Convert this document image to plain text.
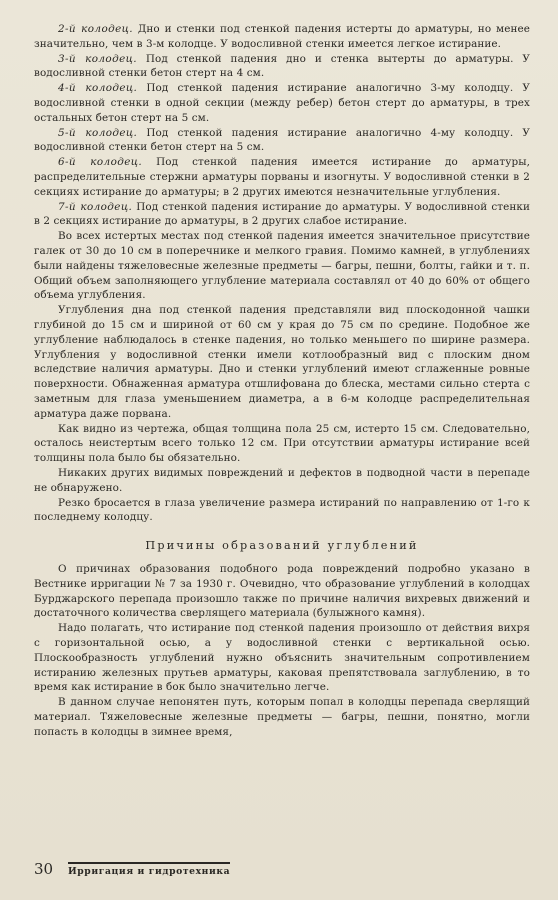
2-й колодец. Дно и стенки под стенкой падения истерты до арматуры, но менее значительно, чем в 3-м колодце. У водосливной стенки имеется легкое истирание.

3-й колодец. Под стенкой падения дно и стенка вытерты до арматуры. У водосливной стенки бетон стерт на 4 см.

4-й колодец. Под стенкой падения истирание аналогично 3-му колодцу. У водосливной стенки в одной секции (между ребер) бетон стерт до арматуры, в трех остальных бетон стерт на 5 см.

5-й колодец. Под стенкой падения истирание аналогично 4-му колодцу. У водосливной стенки бетон стерт на 5 см.

6-й колодец. Под стенкой падения имеется истирание до арматуры, распределительные стержни арматуры порваны и изогнуты. У водосливной стенки в 2 секциях истирание до арматуры; в 2 других имеются незначительные углубления.

7-й колодец. Под стенкой падения истирание до арматуры. У водосливной стенки в 2 секциях истирание до арматуры, в 2 других слабое истирание.

Во всех истертых местах под стенкой падения имеется значительное присутствие галек от 30 до 10 см в поперечнике и мелкого гравия. Помимо камней, в углублениях были найдены тяжеловесные железные предметы — багры, пешни, болты, гайки и т. п. Общий объем заполняющего углубление материала составлял от 40 до 60% от общего объема углубления.

Углубления дна под стенкой падения представляли вид плоскодонной чашки глубиной до 15 см и шириной от 60 см у края до 75 см по средине. Подобное же углубление наблюдалось в стенке падения, но только меньшего по ширине размера. Углубления у водосливной стенки имели котлообразный вид с плоским дном вследствие наличия арматуры. Дно и стенки углублений имеют сглаженные ровные поверхности. Обнаженная арматура отшлифована до блеска, местами сильно стерта с заметным для глаза уменьшением диаметра, а в 6-м колодце распределительная арматура даже порвана.

Как видно из чертежа, общая толщина пола 25 см, истерто 15 см. Следовательно, осталось неистертым всего только 12 см. При отсутствии арматуры истирание всей толщины пола было бы обязательно.

Никаких других видимых повреждений и дефектов в подводной части в перепаде не обнаружено.

Резко бросается в глаза увеличение размера истираний по направлению от 1-го к последнему колодцу.

Причины образований углублений

О причинах образования подобного рода повреждений подробно указано в Вестнике ирригации № 7 за 1930 г. Очевидно, что образование углублений в колодцах Бурджарского перепада произошло также по причине наличия вихревых движений и достаточного количества сверлящего материала (булыжного камня).

Надо полагать, что истирание под стенкой падения произошло от действия вихря с горизонтальной осью, а у водосливной стенки с вертикальной осью. Плоскообразность углублений нужно объяснить значительным сопротивлением истиранию железных прутьев арматуры, каковая препятствовала заглублению, в то время как истирание в бок было значительно легче.

В данном случае непонятен путь, которым попал в колодцы перепада сверлящий материал. Тяжеловесные железные предметы — багры, пешни, понятно, могли попасть в колодцы в зимнее время,

30	Ирригация и гидротехника
